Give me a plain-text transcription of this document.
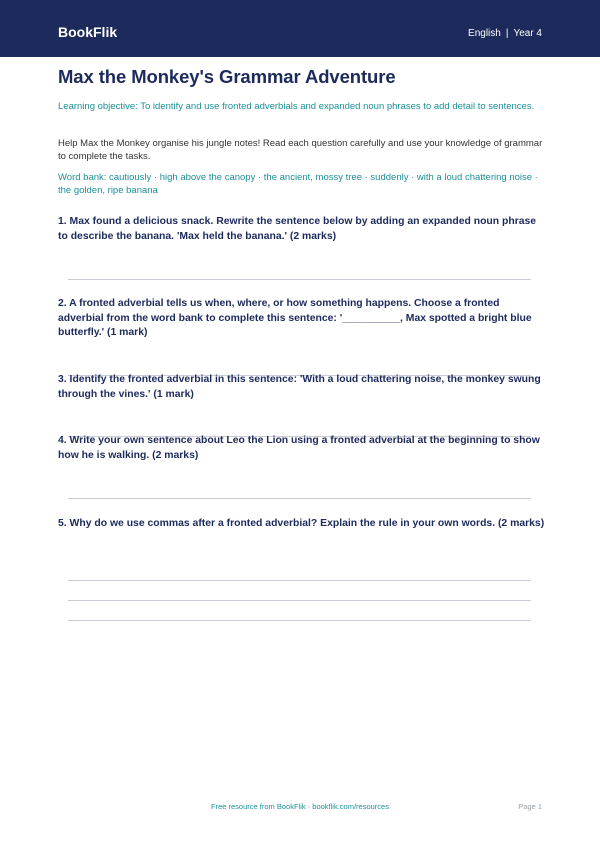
BookFlik	English | Year 4
Max the Monkey's Grammar Adventure
Learning objective: To identify and use fronted adverbials and expanded noun phrases to add detail to sentences.
Help Max the Monkey organise his jungle notes! Read each question carefully and use your knowledge of grammar to complete the tasks.
Word bank: cautiously · high above the canopy · the ancient, mossy tree · suddenly · with a loud chattering noise · the golden, ripe banana
1. Max found a delicious snack. Rewrite the sentence below by adding an expanded noun phrase to describe the banana. 'Max held the banana.' (2 marks)
2. A fronted adverbial tells us when, where, or how something happens. Choose a fronted adverbial from the word bank to complete this sentence: '__________, Max spotted a bright blue butterfly.' (1 mark)
3. Identify the fronted adverbial in this sentence: 'With a loud chattering noise, the monkey swung through the vines.' (1 mark)
4. Write your own sentence about Leo the Lion using a fronted adverbial at the beginning to show how he is walking. (2 marks)
5. Why do we use commas after a fronted adverbial? Explain the rule in your own words. (2 marks)
Free resource from BookFlik · bookflik.com/resources	Page 1
